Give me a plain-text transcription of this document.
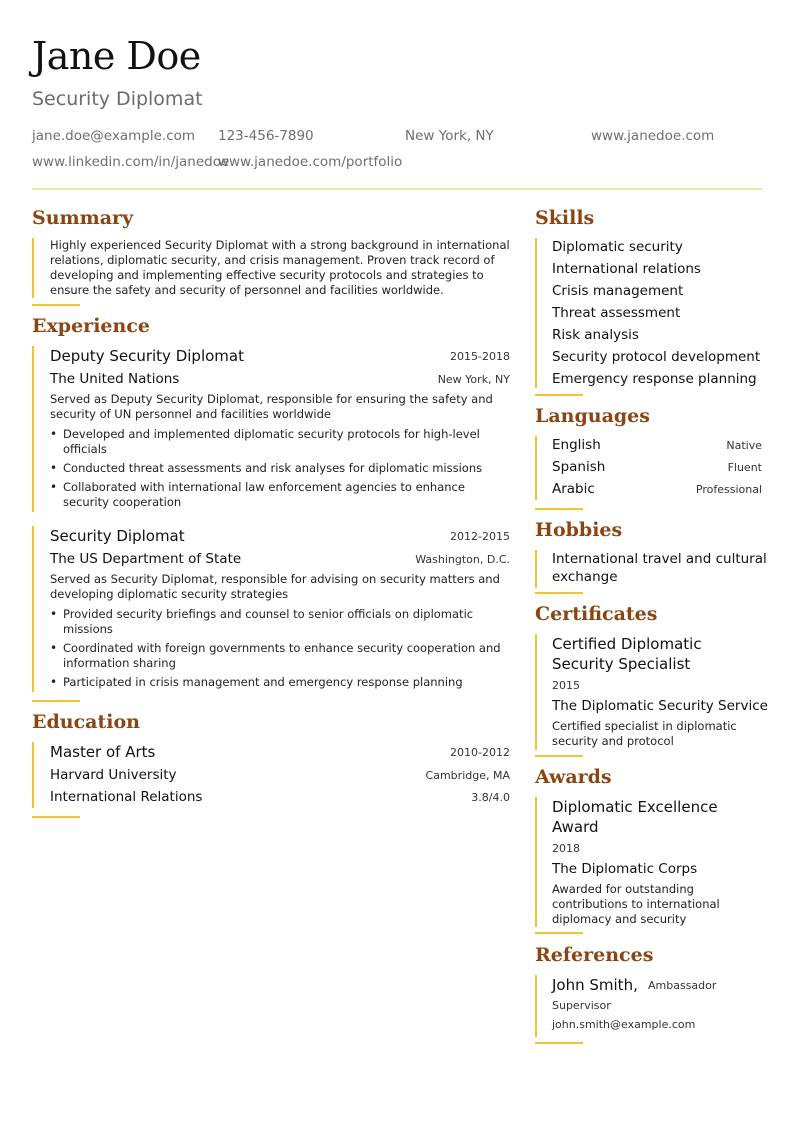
Jane Doe
Security Diplomat
jane.doe@example.com 123-456-7890	New York, NY	www.janedoe.com
www.linkedin.com/in/janedoe
www.janedoe.com/portfolio
Summary
Highly experienced Security Diplomat with a strong background in international relations, diplomatic security, and crisis management. Proven track record of developing and implementing effective security protocols and strategies to ensure the safety and security of personnel and facilities worldwide.
Experience
Deputy Security Diplomat	2015-2018
The United Nations	New York, NY
Served as Deputy Security Diplomat, responsible for ensuring the safety and security of UN personnel and facilities worldwide
• Developed and implemented diplomatic security protocols for high-level officials
• Conducted threat assessments and risk analyses for diplomatic missions
• Collaborated with international law enforcement agencies to enhance security cooperation
Security Diplomat	2012-2015
The US Department of State	Washington, D.C.
Served as Security Diplomat, responsible for advising on security matters and developing diplomatic security strategies
• Provided security briefings and counsel to senior officials on diplomatic missions
• Coordinated with foreign governments to enhance security cooperation and information sharing
• Participated in crisis management and emergency response planning
Education
Master of Arts	2010-2012
Harvard University	Cambridge, MA
International Relations	3.8/4.0
Skills
Diplomatic security
International relations
Crisis management
Threat assessment
Risk analysis
Security protocol development
Emergency response planning
Languages
English	Native
Spanish	Fluent
Arabic	Professional
Hobbies
International travel and cultural
exchange
Certificates
Certified Diplomatic
Security Specialist
2015
The Diplomatic Security Service
Certified specialist in diplomatic
security and protocol
Awards
Diplomatic Excellence
Award
2018
The Diplomatic Corps
Awarded for outstanding
contributions to international
diplomacy and security
References
John Smith, Ambassador
Supervisor
john.smith@example.com
